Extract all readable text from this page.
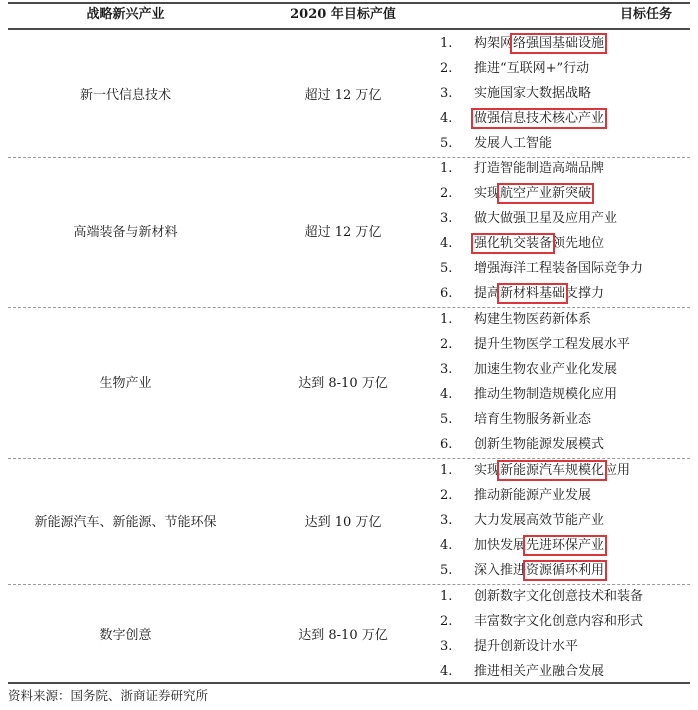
战略新兴产业	2020 年目标产值	目标任务
新一代信息技术	超过 12 万亿
1. 构架网络强国基础设施
2. 推进“互联网+”行动
3. 实施国家大数据战略
4. 做强信息技术核心产业
5. 发展人工智能
高端装备与新材料	超过 12 万亿
1. 打造智能制造高端品牌
2. 实现航空产业新突破
3. 做大做强卫星及应用产业
4. 强化轨交装备领先地位
5. 增强海洋工程装备国际竞争力
6. 提高新材料基础支撑力
生物产业	达到 8-10 万亿
1. 构建生物医药新体系
2. 提升生物医学工程发展水平
3. 加速生物农业产业化发展
4. 推动生物制造规模化应用
5. 培育生物服务新业态
6. 创新生物能源发展模式
新能源汽车、新能源、节能环保	达到 10 万亿
1. 实现新能源汽车规模化应用
2. 推动新能源产业发展
3. 大力发展高效节能产业
4. 加快发展先进环保产业
5. 深入推进资源循环利用
数字创意	达到 8-10 万亿
1. 创新数字文化创意技术和装备
2. 丰富数字文化创意内容和形式
3. 提升创新设计水平
4. 推进相关产业融合发展
资料来源：国务院、浙商证券研究所
